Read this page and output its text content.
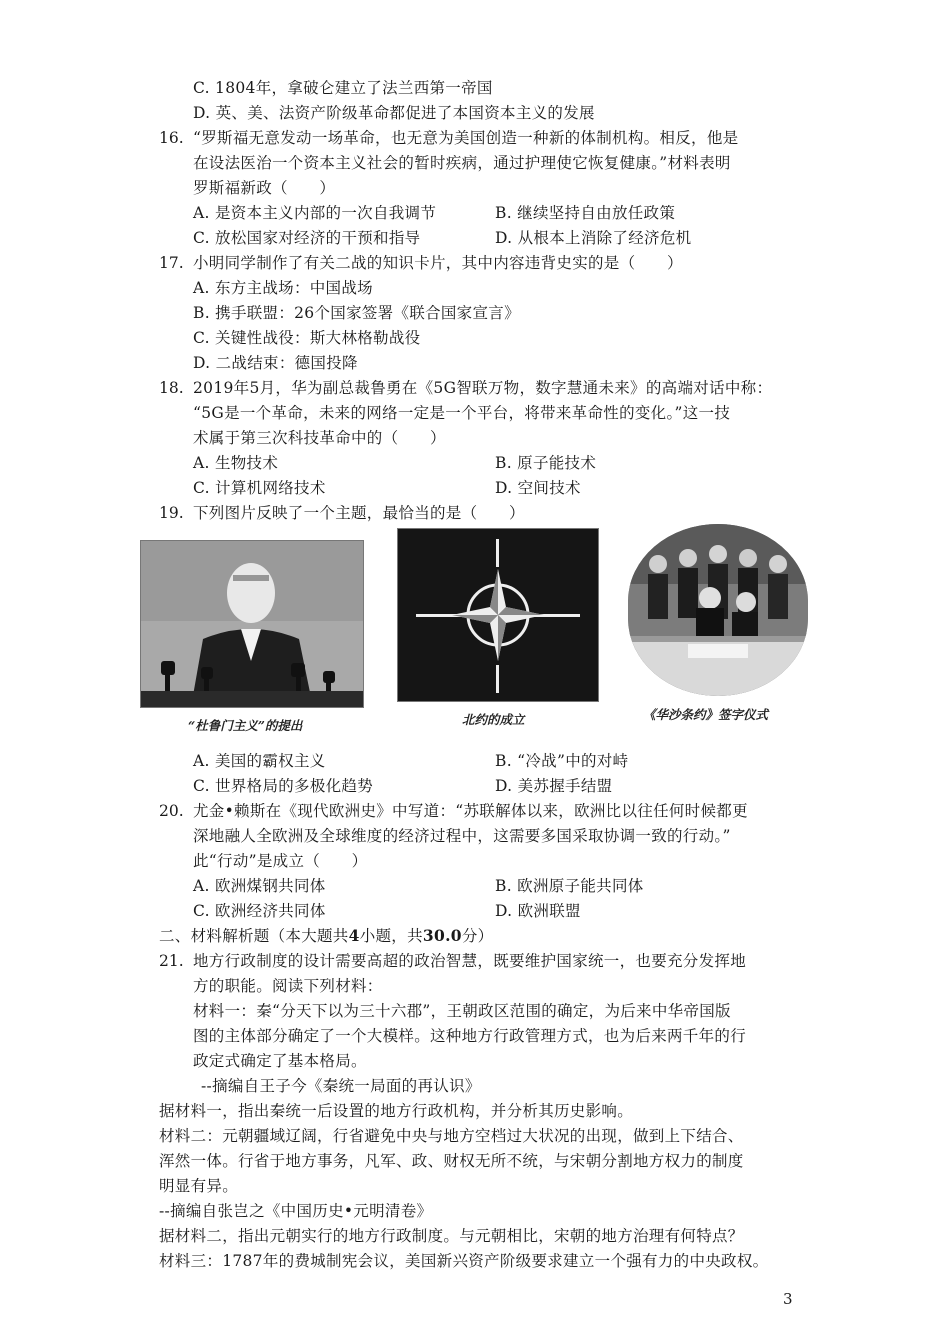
C. 1804年，拿破仑建立了法兰西第一帝国
D. 英、美、法资产阶级革命都促进了本国资本主义的发展
16. “罗斯福无意发动一场革命，也无意为美国创造一种新的体制机构。相反，他是
在设法医治一个资本主义社会的暂时疾病，通过护理使它恢复健康。”材料表明
罗斯福新政（　　）
A. 是资本主义内部的一次自我调节	B. 继续坚持自由放任政策
C. 放松国家对经济的干预和指导	D. 从根本上消除了经济危机
17. 小明同学制作了有关二战的知识卡片，其中内容违背史实的是（　　）
A. 东方主战场：中国战场
B. 携手联盟：26个国家签署《联合国家宣言》
C. 关键性战役：斯大林格勒战役
D. 二战结束：德国投降
18. 2019年5月，华为副总裁鲁勇在《5G智联万物，数字慧通未来》的高端对话中称：
“5G是一个革命，未来的网络一定是一个平台，将带来革命性的变化。”这一技
术属于第三次科技革命中的（　　）
A. 生物技术	B. 原子能技术
C. 计算机网络技术	D. 空间技术
19. 下列图片反映了一个主题，最恰当的是（　　）
“杜鲁门主义”的提出	北约的成立	《华沙条约》签字仪式
A. 美国的霸权主义	B. “冷战”中的对峙
C. 世界格局的多极化趋势	D. 美苏握手结盟
20. 尤金•赖斯在《现代欧洲史》中写道：“苏联解体以来，欧洲比以往任何时候都更
深地融人全欧洲及全球维度的经济过程中，这需要多国采取协调一致的行动。”
此“行动”是成立（　　）
A. 欧洲煤钢共同体	B. 欧洲原子能共同体
C. 欧洲经济共同体	D. 欧洲联盟
二、材料解析题（本大题共4小题，共30.0分）
21. 地方行政制度的设计需要高超的政治智慧，既要维护国家统一，也要充分发挥地
方的职能。阅读下列材料：
材料一：秦“分天下以为三十六郡”，王朝政区范围的确定，为后来中华帝国版
图的主体部分确定了一个大模样。这种地方行政管理方式，也为后来两千年的行
政定式确定了基本格局。
--摘编自王子今《秦统一局面的再认识》
据材料一，指出秦统一后设置的地方行政机构，并分析其历史影响。
材料二：元朝疆域辽阔，行省避免中央与地方空档过大状况的出现，做到上下结合、
浑然一体。行省于地方事务，凡军、政、财权无所不统，与宋朝分割地方权力的制度
明显有异。
--摘编自张岂之《中国历史•元明清卷》
据材料二，指出元朝实行的地方行政制度。与元朝相比，宋朝的地方治理有何特点？
材料三：1787年的费城制宪会议，美国新兴资产阶级要求建立一个强有力的中央政权。
3
